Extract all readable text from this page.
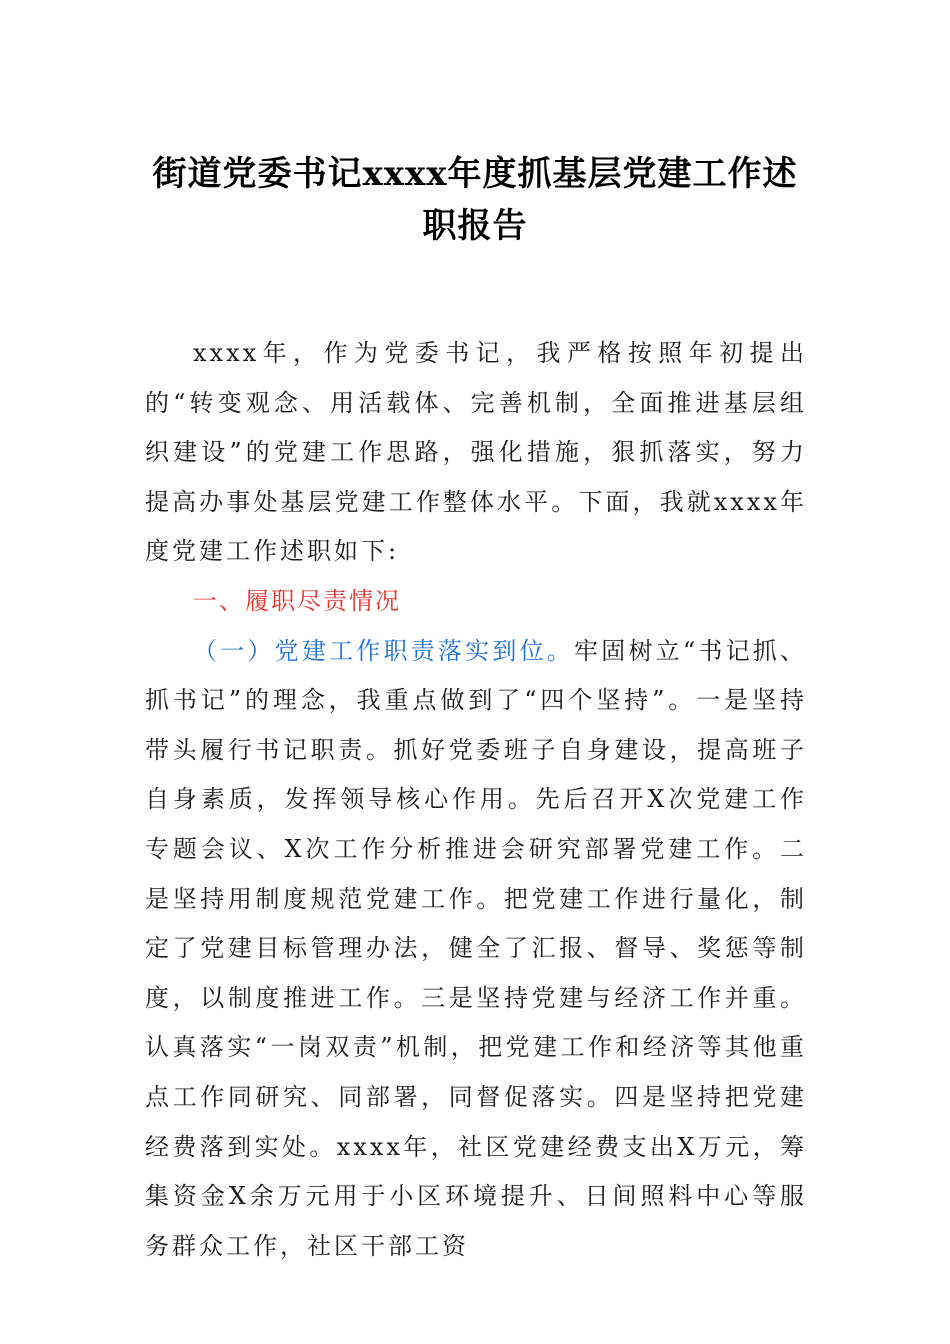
街道党委书记xxxx年度抓基层党建工作述
职报告

xxxx年，作为党委书记，我严格按照年初提出的“转变观念、用活载体、完善机制，全面推进基层组织建设”的党建工作思路，强化措施，狠抓落实，努力提高办事处基层党建工作整体水平。下面，我就xxxx年度党建工作述职如下:

一、履职尽责情况

（一）党建工作职责落实到位。牢固树立“书记抓、抓书记”的理念，我重点做到了“四个坚持”。一是坚持带头履行书记职责。抓好党委班子自身建设，提高班子自身素质，发挥领导核心作用。先后召开X次党建工作专题会议、X次工作分析推进会研究部署党建工作。二是坚持用制度规范党建工作。把党建工作进行量化，制定了党建目标管理办法，健全了汇报、督导、奖惩等制度，以制度推进工作。三是坚持党建与经济工作并重。认真落实“一岗双责”机制，把党建工作和经济等其他重点工作同研究、同部署，同督促落实。四是坚持把党建经费落到实处。xxxx年，社区党建经费支出X万元，筹集资金X余万元用于小区环境提升、日间照料中心等服务群众工作，社区干部工资
